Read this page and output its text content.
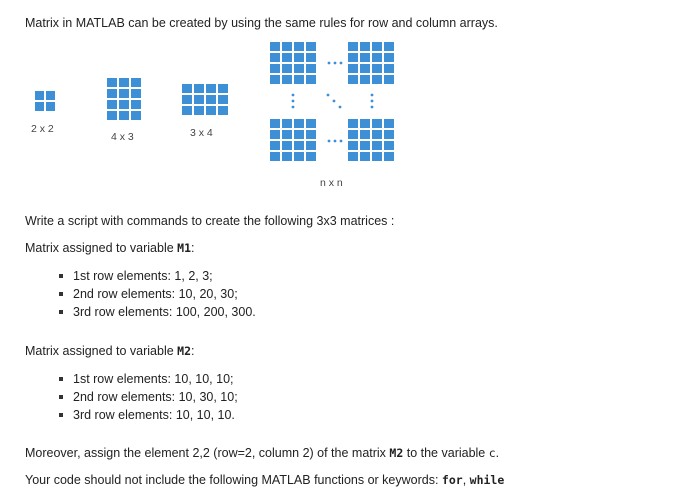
Matrix in MATLAB can be created by using the same rules for row and column arrays.
2 x 2
4 x 3	3 x 4
n x n
Write a script with commands to create the following 3x3 matrices :
Matrix assigned to variable M1:
1st row elements: 1, 2, 3;
2nd row elements: 10, 20, 30;
3rd row elements: 100, 200, 300.
Matrix assigned to variable M2:
1st row elements: 10, 10, 10;
2nd row elements: 10, 30, 10;
3rd row elements: 10, 10, 10.
Moreover, assign the element 2,2 (row=2, column 2) of the matrix M2 to the variable c.
Your code should not include the following MATLAB functions or keywords: for, while
